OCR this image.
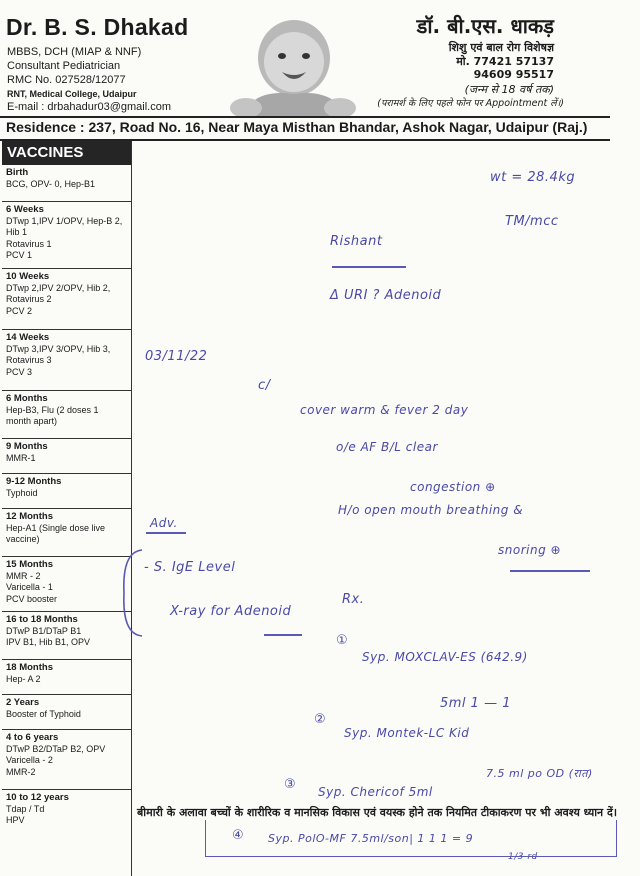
Dr. B. S. Dhakad
MBBS, DCH (MIAP & NNF)
Consultant Pediatrician
RMC No. 027528/12077
RNT, Medical College, Udaipur
E-mail : drbahadur03@gmail.com
डॉ. बी.एस. धाकड़
शिशु एवं बाल रोग विशेषज्ञ
मो. 77421 57137
94609 95517
(जन्म से 18 वर्ष तक)
(परामर्श के लिए पहले फोन पर Appointment लें।)
Residence : 237, Road No. 16, Near Maya Misthan Bhandar, Ashok Nagar, Udaipur (Raj.)
VACCINES
Birth
BCG, OPV- 0, Hep-B1
6 Weeks
DTwp 1,IPV 1/OPV, Hep-B 2,
Hib 1
Rotavirus 1
PCV 1
10 Weeks
DTwp 2,IPV 2/OPV, Hib 2,
Rotavirus 2
PCV 2
14 Weeks
DTwp 3,IPV 3/OPV, Hib 3,
Rotavirus 3
PCV 3
6 Months
Hep-B3, Flu (2 doses 1
month apart)
9 Months
MMR-1
9-12 Months
Typhoid
12 Months
Hep-A1 (Single dose live
vaccine)
15 Months
MMR - 2
Varicella - 1
PCV booster
16 to 18 Months
DTwP B1/DTaP B1
IPV B1, Hib B1, OPV
18 Months
Hep- A 2
2 Years
Booster of Typhoid
4 to 6 years
DTwP B2/DTaP B2, OPV
Varicella - 2
MMR-2
10 to 12 years
Tdap / Td
HPV
wt = 28.4kg
TM/mcc
Rishant
Δ URI ? Adenoid
03/11/22
c/
cover warm & fever 2 day
o/e AF B/L clear
congestion ⊕
H/o open mouth breathing &
snoring ⊕
Adv.
- S. IgE Level
X-ray for Adenoid
Rx.
①
Syp. MOXCLAV-ES (642.9)
5ml 1 — 1
②
Syp. Montek-LC Kid
7.5 ml po OD (रात)
③ Syp. Chericof 5ml
④ Syp. PolO-MF 7.5ml/son| 1 1 1 = 9
1/3 rd
बीमारी के अलावा बच्चों के शारीरिक व मानसिक विकास एवं वयस्क होने तक नियमित टीकाकरण पर भी अवश्य ध्यान दें।
